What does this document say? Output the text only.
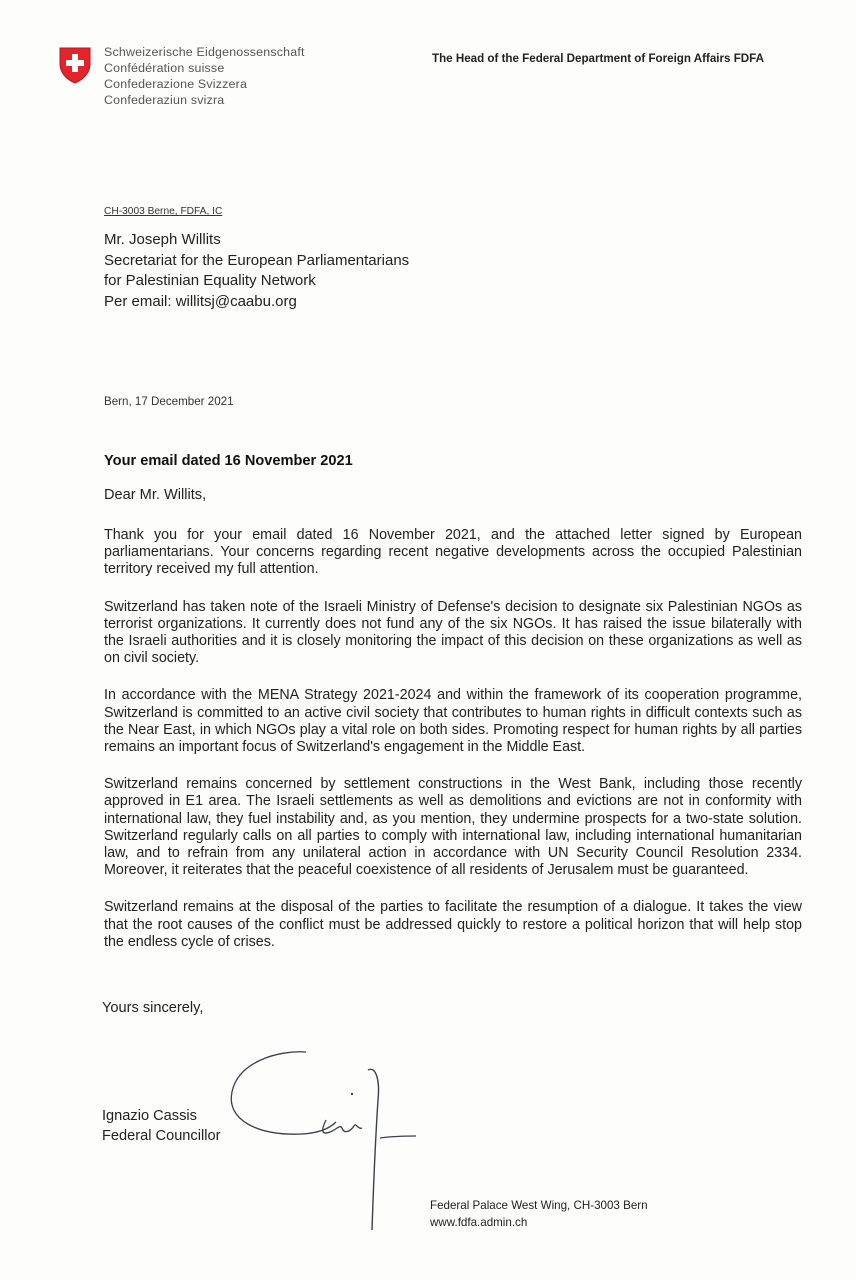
Schweizerische Eidgenossenschaft
Confédération suisse
Confederazione Svizzera
Confederaziun svizra
The Head of the Federal Department of Foreign Affairs FDFA
CH-3003 Berne, FDFA, IC
Mr. Joseph Willits
Secretariat for the European Parliamentarians
for Palestinian Equality Network
Per email: willitsj@caabu.org
Bern, 17 December 2021
Your email dated 16 November 2021
Dear Mr. Willits,

Thank you for your email dated 16 November 2021, and the attached letter signed by European parliamentarians. Your concerns regarding recent negative developments across the occupied Palestinian territory received my full attention.

Switzerland has taken note of the Israeli Ministry of Defense's decision to designate six Palestinian NGOs as terrorist organizations. It currently does not fund any of the six NGOs. It has raised the issue bilaterally with the Israeli authorities and it is closely monitoring the impact of this decision on these organizations as well as on civil society.

In accordance with the MENA Strategy 2021-2024 and within the framework of its cooperation programme, Switzerland is committed to an active civil society that contributes to human rights in difficult contexts such as the Near East, in which NGOs play a vital role on both sides. Promoting respect for human rights by all parties remains an important focus of Switzerland's engagement in the Middle East.

Switzerland remains concerned by settlement constructions in the West Bank, including those recently approved in E1 area. The Israeli settlements as well as demolitions and evictions are not in conformity with international law, they fuel instability and, as you mention, they undermine prospects for a two-state solution. Switzerland regularly calls on all parties to comply with international law, including international humanitarian law, and to refrain from any unilateral action in accordance with UN Security Council Resolution 2334. Moreover, it reiterates that the peaceful coexistence of all residents of Jerusalem must be guaranteed.

Switzerland remains at the disposal of the parties to facilitate the resumption of a dialogue. It takes the view that the root causes of the conflict must be addressed quickly to restore a political horizon that will help stop the endless cycle of crises.

Yours sincerely,
Ignazio Cassis
Federal Councillor
Federal Palace West Wing, CH-3003 Bern
www.fdfa.admin.ch
